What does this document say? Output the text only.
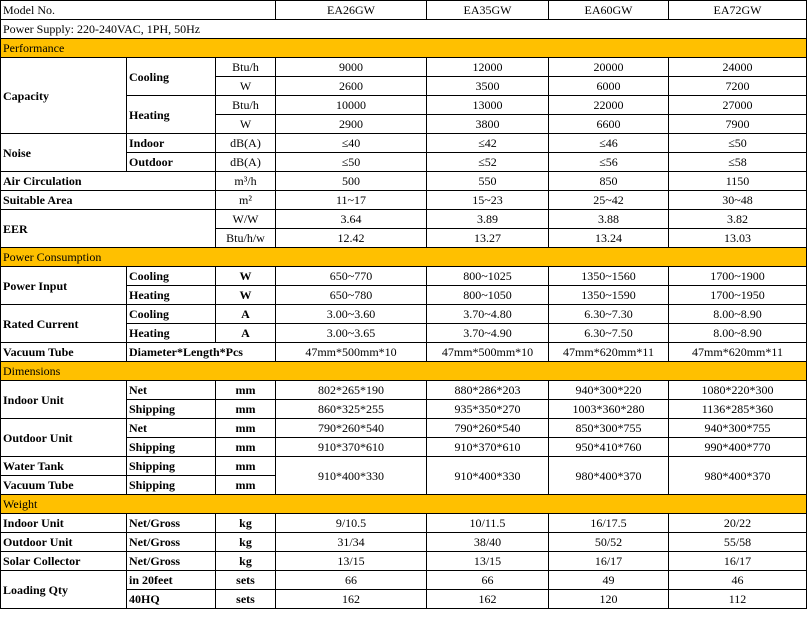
Model No.			EA26GW	EA35GW	EA60GW	EA72GW
Power Supply: 220-240VAC, 1PH, 50Hz						
Performance						
Capacity	Cooling	Btu/h	9000	12000	20000	24000
		W	2600	3500	6000	7200
	Heating	Btu/h	10000	13000	22000	27000
		W	2900	3800	6600	7900
Noise	Indoor	dB(A)	≤40	≤42	≤46	≤50
	Outdoor	dB(A)	≤50	≤52	≤56	≤58
Air Circulation		m³/h	500	550	850	1150
Suitable Area		m²	11~17	15~23	25~42	30~48
EER		W/W	3.64	3.89	3.88	3.82
		Btu/h/w	12.42	13.27	13.24	13.03
Power Consumption						
Power Input	Cooling	W	650~770	800~1025	1350~1560	1700~1900
	Heating	W	650~780	800~1050	1350~1590	1700~1950
Rated Current	Cooling	A	3.00~3.60	3.70~4.80	6.30~7.30	8.00~8.90
	Heating	A	3.00~3.65	3.70~4.90	6.30~7.50	8.00~8.90
Vacuum Tube	Diameter*Length*Pcs		47mm*500mm*10	47mm*500mm*10	47mm*620mm*11	47mm*620mm*11
Dimensions						
Indoor Unit	Net	mm	802*265*190	880*286*203	940*300*220	1080*220*300
	Shipping	mm	860*325*255	935*350*270	1003*360*280	1136*285*360
Outdoor Unit	Net	mm	790*260*540	790*260*540	850*300*755	940*300*755
	Shipping	mm	910*370*610	910*370*610	950*410*760	990*400*770
Water Tank	Shipping	mm	910*400*330	910*400*330	980*400*370	980*400*370
Vacuum Tube	Shipping	mm				
Weight						
Indoor Unit	Net/Gross	kg	9/10.5	10/11.5	16/17.5	20/22
Outdoor Unit	Net/Gross	kg	31/34	38/40	50/52	55/58
Solar Collector	Net/Gross	kg	13/15	13/15	16/17	16/17
Loading Qty	in 20feet	sets	66	66	49	46
	40HQ	sets	162	162	120	112
